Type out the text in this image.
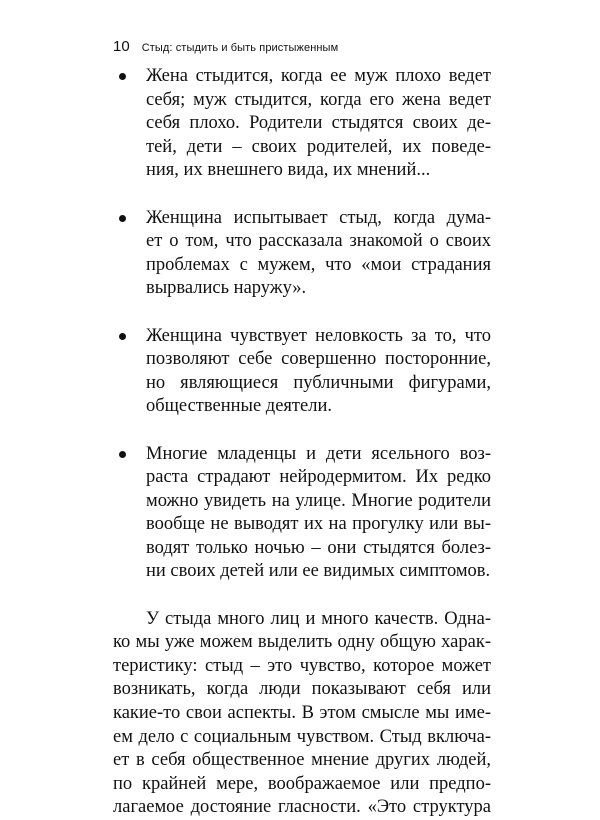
10 Стыд: стыдить и быть пристыженным
Жена стыдится, когда ее муж плохо ведет
себя; муж стыдится, когда его жена ведет
себя плохо. Родители стыдятся своих де-
тей, дети – своих родителей, их поведе-
ния, их внешнего вида, их мнений...
Женщина испытывает стыд, когда дума-
ет о том, что рассказала знакомой о своих
проблемах с мужем, что «мои страдания
вырвались наружу».
Женщина чувствует неловкость за то, что
позволяют себе совершенно посторонние,
но являющиеся публичными фигурами,
общественные деятели.
Многие младенцы и дети ясельного воз-
раста страдают нейродермитом. Их редко
можно увидеть на улице. Многие родители
вообще не выводят их на прогулку или вы-
водят только ночью – они стыдятся болез-
ни своих детей или ее видимых симптомов.
У стыда много лиц и много качеств. Одна-
ко мы уже можем выделить одну общую харак-
теристику: стыд – это чувство, которое может
возникать, когда люди показывают себя или
какие-то свои аспекты. В этом смысле мы име-
ем дело с социальным чувством. Стыд включа-
ет в себя общественное мнение других людей,
по крайней мере, воображаемое или предпо-
лагаемое достояние гласности. «Это структура
